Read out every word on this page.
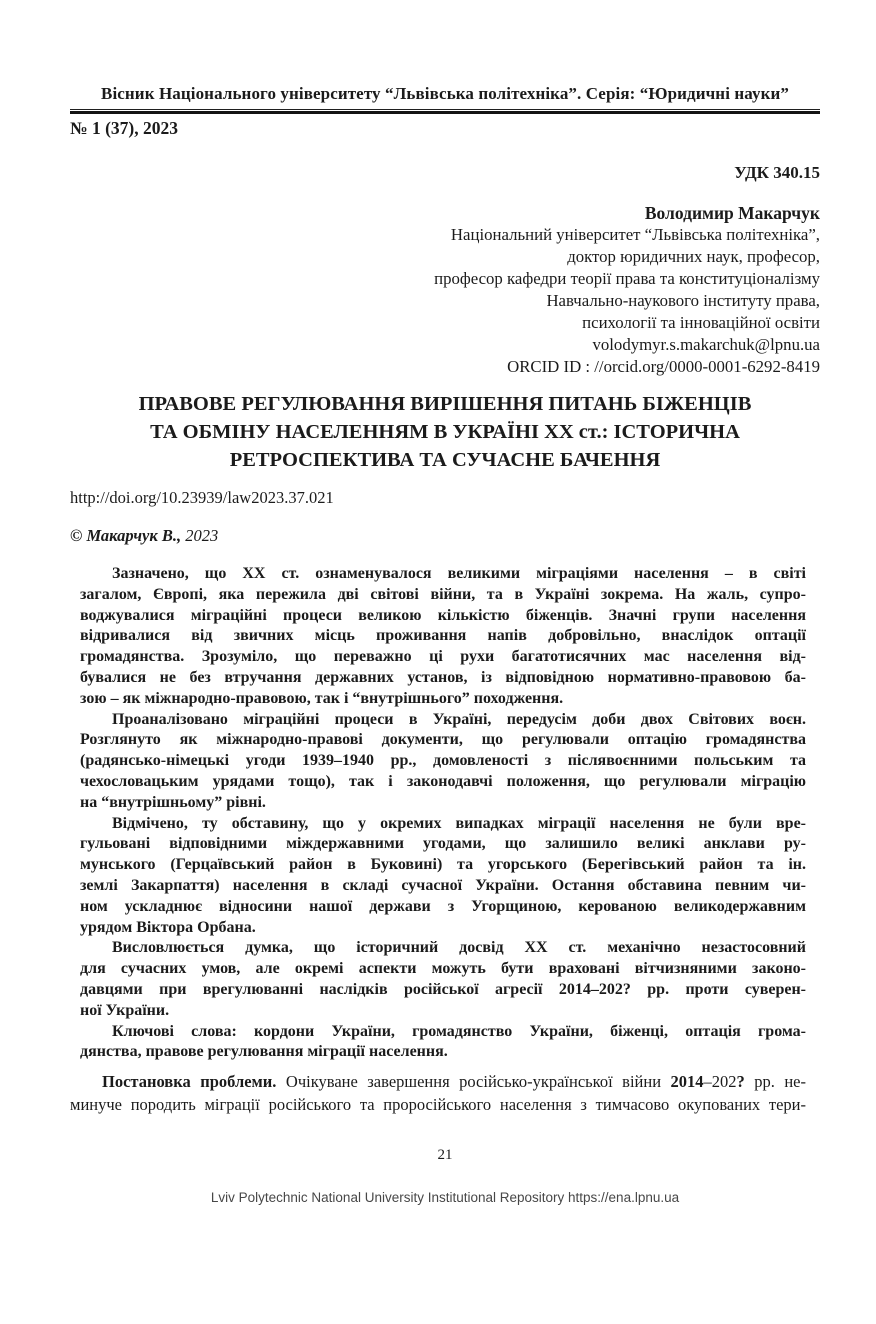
Вісник Національного університету “Львівська політехніка”. Серія: “Юридичні науки”
№ 1 (37), 2023
УДК 340.15
Володимир Макарчук
Національний університет “Львівська політехніка”,
доктор юридичних наук, професор,
професор кафедри теорії права та конституціоналізму
Навчально-наукового інституту права,
психології та інноваційної освіти
volodymyr.s.makarchuk@lpnu.ua
ORCID ID : //orcid.org/0000-0001-6292-8419
ПРАВОВЕ РЕГУЛЮВАННЯ ВИРІШЕННЯ ПИТАНЬ БІЖЕНЦІВ
ТА ОБМІНУ НАСЕЛЕННЯМ В УКРАЇНІ ХХ ст.: ІСТОРИЧНА
РЕТРОСПЕКТИВА ТА СУЧАСНЕ БАЧЕННЯ
http://doi.org/10.23939/law2023.37.021
© Макарчук В., 2023
Зазначено, що ХХ ст. ознаменувалося великими міграціями населення – в світі
загалом, Європі, яка пережила дві світові війни, та в Україні зокрема. На жаль, супро-
воджувалися міграційні процеси великою кількістю біженців. Значні групи населення
відривалися від звичних місць проживання напів добровільно, внаслідок оптації
громадянства. Зрозуміло, що переважно ці рухи багатотисячних мас населення від-
бувалися не без втручання державних установ, із відповідною нормативно-правовою ба-
зою – як міжнародно-правовою, так і “внутрішнього” походження.
Проаналізовано міграційні процеси в Україні, передусім доби двох Світових воєн.
Розглянуто як міжнародно-правові документи, що регулювали оптацію громадянства
(радянсько-німецькі угоди 1939–1940 рр., домовленості з післявоєнними польським та
чехословацьким урядами тощо), так і законодавчі положення, що регулювали міграцію
на “внутрішньому” рівні.
Відмічено, ту обставину, що у окремих випадках міграції населення не були вре-
гульовані відповідними міждержавними угодами, що залишило великі анклави ру-
мунського (Герцаївський район в Буковині) та угорського (Берегівський район та ін.
землі Закарпаття) населення в складі сучасної України. Остання обставина певним чи-
ном ускладнює відносини нашої держави з Угорщиною, керованою великодержавним
урядом Віктора Орбана.
Висловлюється думка, що історичний досвід ХХ ст. механічно незастосовний
для сучасних умов, але окремі аспекти можуть бути враховані вітчизняними законо-
давцями при врегулюванні наслідків російської агресії 2014–202? рр. проти суверен-
ної України.
Ключові слова: кордони України, громадянство України, біженці, оптація грома-
дянства, правове регулювання міграції населення.
Постановка проблеми. Очікуване завершення російсько-української війни 2014–202? рр. не-
минуче породить міграції російського та проросійського населення з тимчасово окупованих тери-
21
Lviv Polytechnic National University Institutional Repository https://ena.lpnu.ua
